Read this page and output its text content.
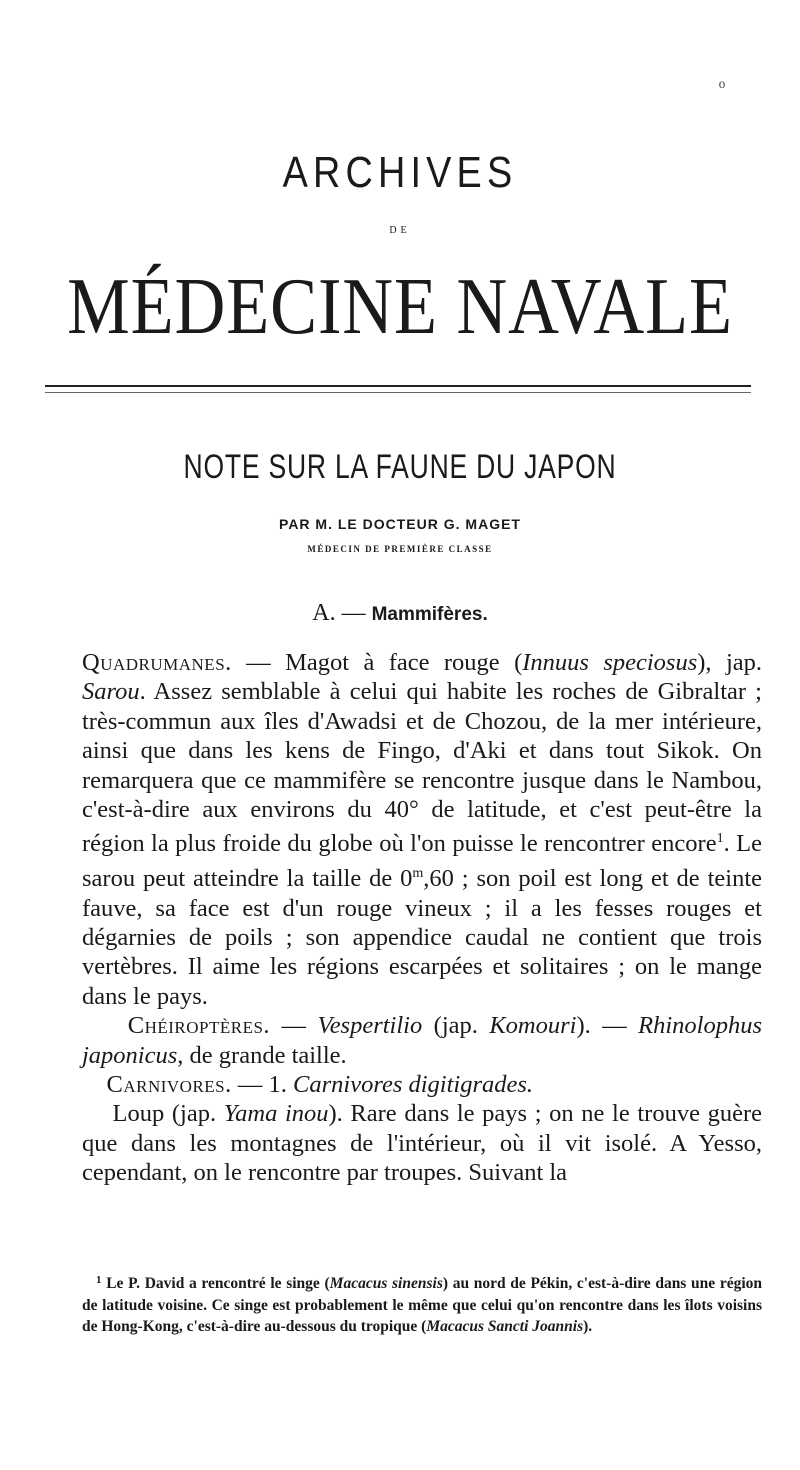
ARCHIVES
DE
MÉDECINE NAVALE
NOTE SUR LA FAUNE DU JAPON
PAR M. LE DOCTEUR G. MAGET
MÉDECIN DE PREMIÈRE CLASSE
A. — Mammifères.

Quadrumanes. — Magot à face rouge (Innuus speciosus), jap. Sarou. Assez semblable à celui qui habite les roches de Gibraltar ; très-commun aux îles d'Awadsi et de Chozou, de la mer intérieure, ainsi que dans les kens de Fingo, d'Aki et dans tout Sikok. On remarquera que ce mammifère se rencontre jusque dans le Nambou, c'est-à-dire aux environs du 40° de latitude, et c'est peut-être la région la plus froide du globe où l'on puisse le rencontrer encore$^1$. Le sarou peut atteindre la taille de 0$^m$,60 ; son poil est long et de teinte fauve, sa face est d'un rouge vineux ; il a les fesses rouges et dégarnies de poils ; son appendice caudal ne contient que trois vertèbres. Il aime les régions escarpées et solitaires ; on le mange dans le pays.

Chéiroptères. — Vespertilio (jap. Komouri). — Rhinolophus japonicus, de grande taille.

Carnivores. — 1. Carnivores digitigrades.

Loup (jap. Yama inou). Rare dans le pays ; on ne le trouve guère que dans les montagnes de l'intérieur, où il vit isolé. A Yesso, cependant, on le rencontre par troupes. Suivant la

$^1$ Le P. David a rencontré le singe (Macacus sinensis) au nord de Pékin, c'est-à-dire dans une région de latitude voisine. Ce singe est probablement le même que celui qu'on rencontre dans les îlots voisins de Hong-Kong, c'est-à-dire au-dessous du tropique (Macacus Sancti Joannis).
